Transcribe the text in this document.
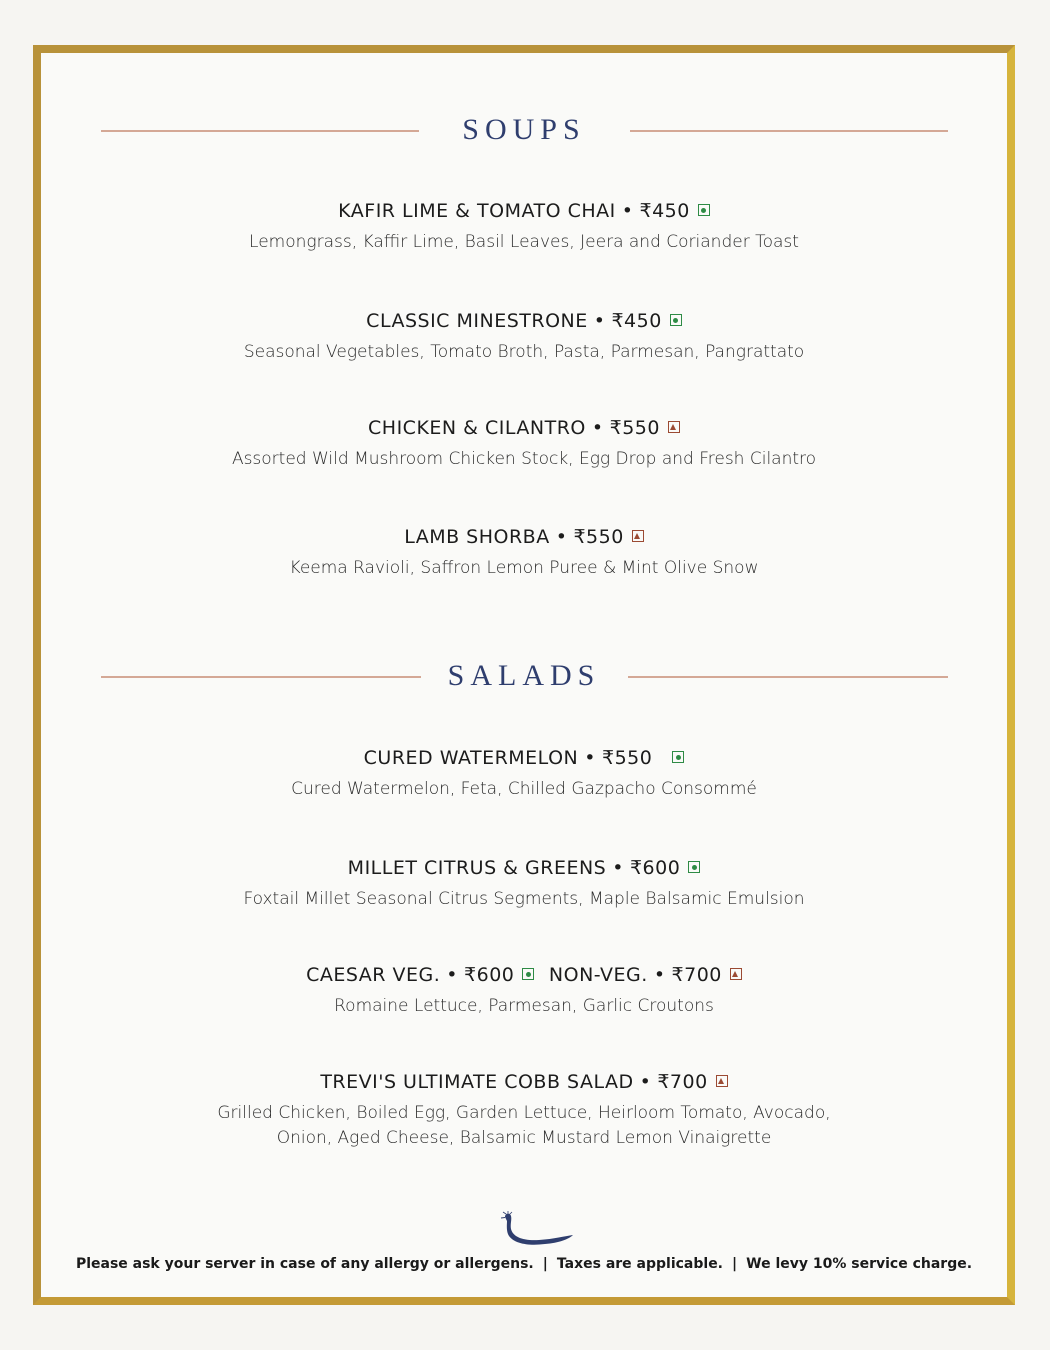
SOUPS
KAFIR LIME & TOMATO CHAI • ₹450
Lemongrass, Kaffir Lime, Basil Leaves, Jeera and Coriander Toast
CLASSIC MINESTRONE • ₹450
Seasonal Vegetables, Tomato Broth, Pasta, Parmesan, Pangrattato
CHICKEN & CILANTRO • ₹550
Assorted Wild Mushroom Chicken Stock, Egg Drop and Fresh Cilantro
LAMB SHORBA • ₹550
Keema Ravioli, Saffron Lemon Puree & Mint Olive Snow
SALADS
CURED WATERMELON • ₹550
Cured Watermelon, Feta, Chilled Gazpacho Consommé
MILLET CITRUS & GREENS • ₹600
Foxtail Millet Seasonal Citrus Segments, Maple Balsamic Emulsion
CAESAR VEG. • ₹600 NON-VEG. • ₹700
Romaine Lettuce, Parmesan, Garlic Croutons
TREVI'S ULTIMATE COBB SALAD • ₹700
Grilled Chicken, Boiled Egg, Garden Lettuce, Heirloom Tomato, Avocado,
Onion, Aged Cheese, Balsamic Mustard Lemon Vinaigrette
Please ask your server in case of any allergy or allergens. | Taxes are applicable. | We levy 10% service charge.
